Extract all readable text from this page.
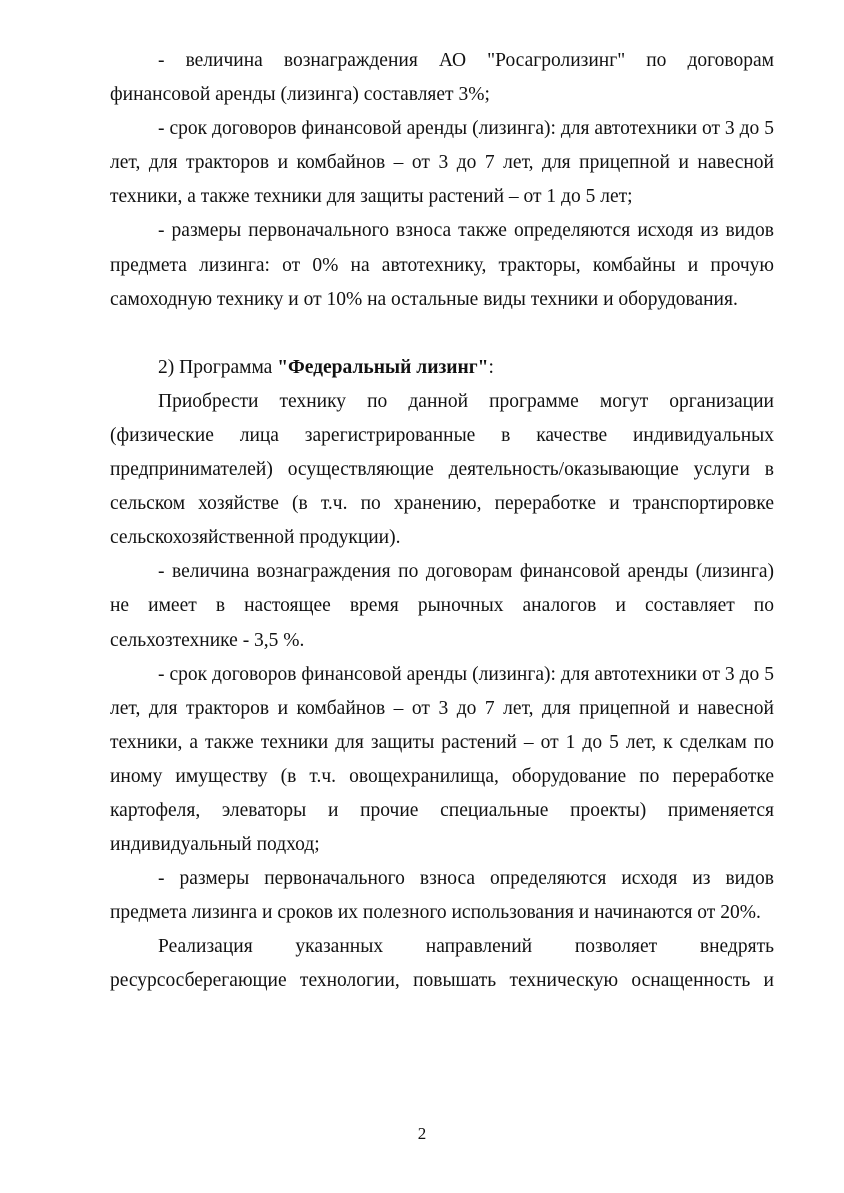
- величина вознаграждения АО "Росагролизинг" по договорам финансовой аренды (лизинга) составляет 3%;

- срок договоров финансовой аренды (лизинга): для автотехники от 3 до 5 лет, для тракторов и комбайнов – от 3 до 7 лет, для прицепной и навесной техники, а также техники для защиты растений – от 1 до 5 лет;

- размеры первоначального взноса также определяются исходя из видов предмета лизинга: от 0% на автотехнику, тракторы, комбайны и прочую самоходную технику и от 10% на остальные виды техники и оборудования.

2) Программа "Федеральный лизинг":

Приобрести технику по данной программе могут организации (физические лица зарегистрированные в качестве индивидуальных предпринимателей) осуществляющие деятельность/оказывающие услуги в сельском хозяйстве (в т.ч. по хранению, переработке и транспортировке сельскохозяйственной продукции).

- величина вознаграждения по договорам финансовой аренды (лизинга) не имеет в настоящее время рыночных аналогов и составляет по сельхозтехнике - 3,5 %.

- срок договоров финансовой аренды (лизинга): для автотехники от 3 до 5 лет, для тракторов и комбайнов – от 3 до 7 лет, для прицепной и навесной техники, а также техники для защиты растений – от 1 до 5 лет, к сделкам по иному имуществу (в т.ч. овощехранилища, оборудование по переработке картофеля, элеваторы и прочие специальные проекты) применяется индивидуальный подход;

- размеры первоначального взноса определяются исходя из видов предмета лизинга и сроков их полезного использования и начинаются от 20%.

Реализация указанных направлений позволяет внедрять ресурсосберегающие технологии, повышать техническую оснащенность и

2
